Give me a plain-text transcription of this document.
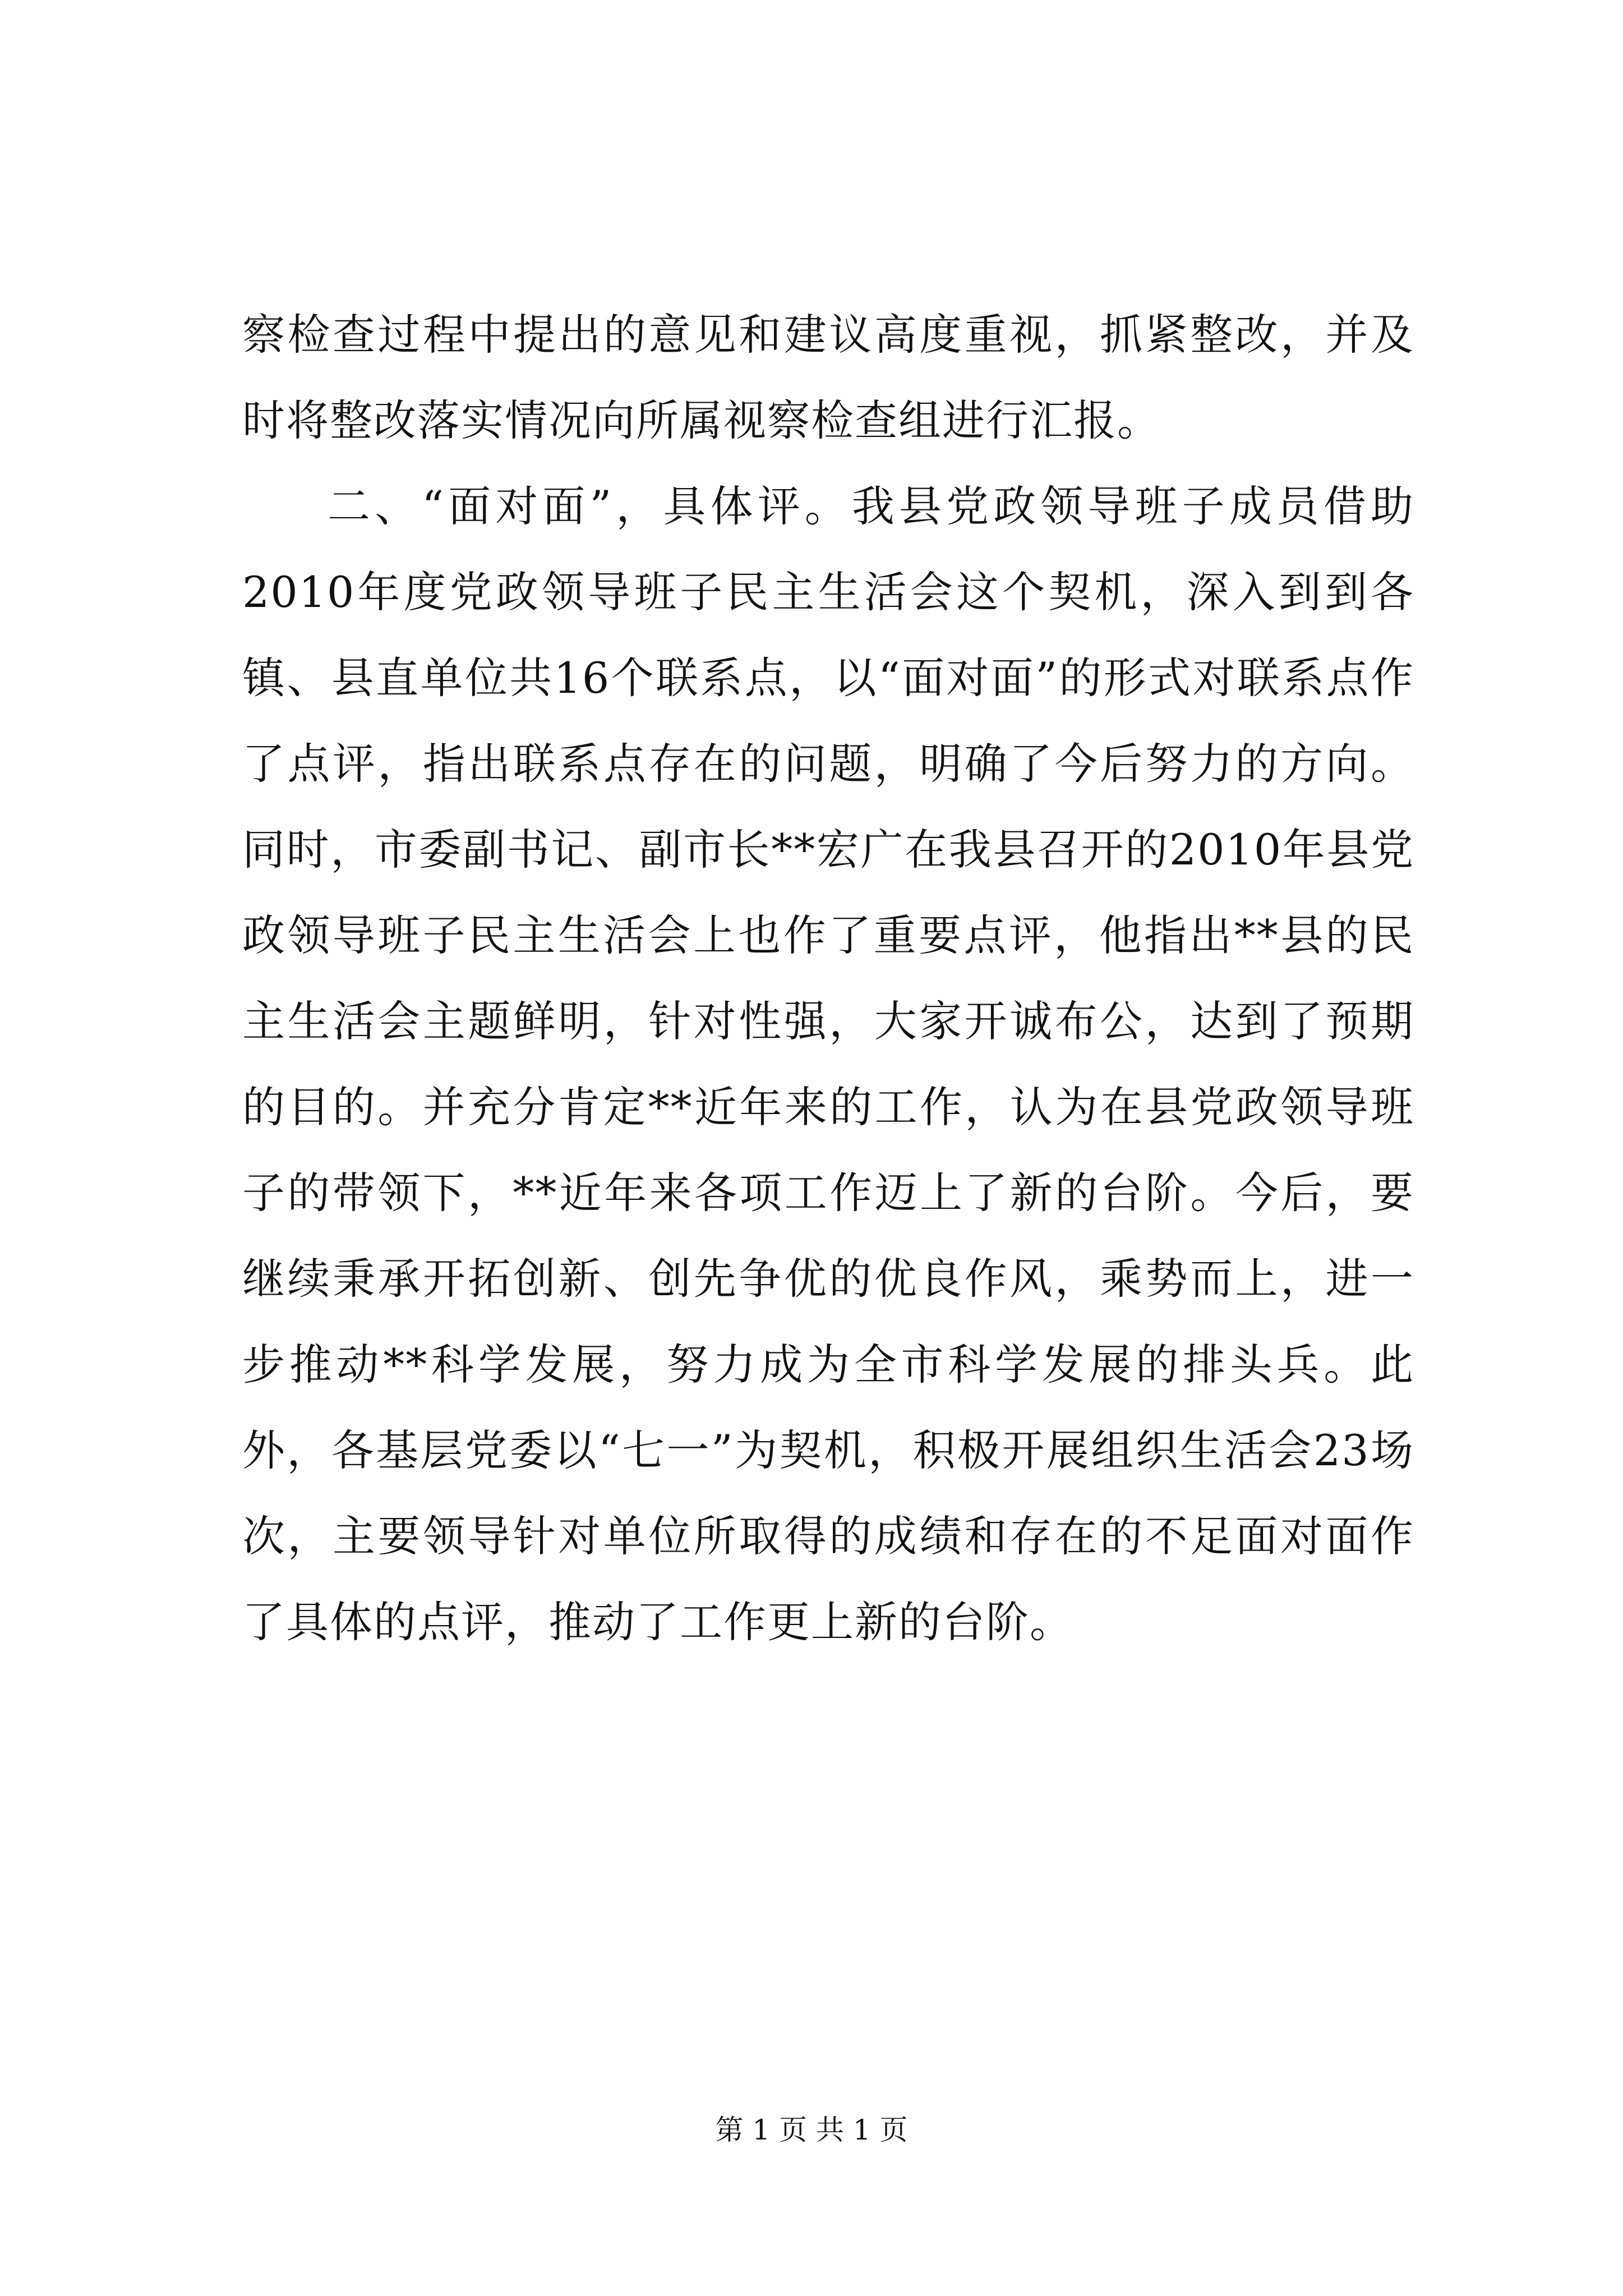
察检查过程中提出的意见和建议高度重视，抓紧整改，并及时将整改落实情况向所属视察检查组进行汇报。

二、“面对面”，具体评。我县党政领导班子成员借助2010年度党政领导班子民主生活会这个契机，深入到到各镇、县直单位共16个联系点，以“面对面”的形式对联系点作了点评，指出联系点存在的问题，明确了今后努力的方向。同时，市委副书记、副市长**宏广在我县召开的2010年县党政领导班子民主生活会上也作了重要点评，他指出**县的民主生活会主题鲜明，针对性强，大家开诚布公，达到了预期的目的。并充分肯定**近年来的工作，认为在县党政领导班子的带领下，**近年来各项工作迈上了新的台阶。今后，要继续秉承开拓创新、创先争优的优良作风，乘势而上，进一步推动**科学发展，努力成为全市科学发展的排头兵。此外，各基层党委以“七一”为契机，积极开展组织生活会23场次，主要领导针对单位所取得的成绩和存在的不足面对面作了具体的点评，推动了工作更上新的台阶。

第 1 页 共 1 页
